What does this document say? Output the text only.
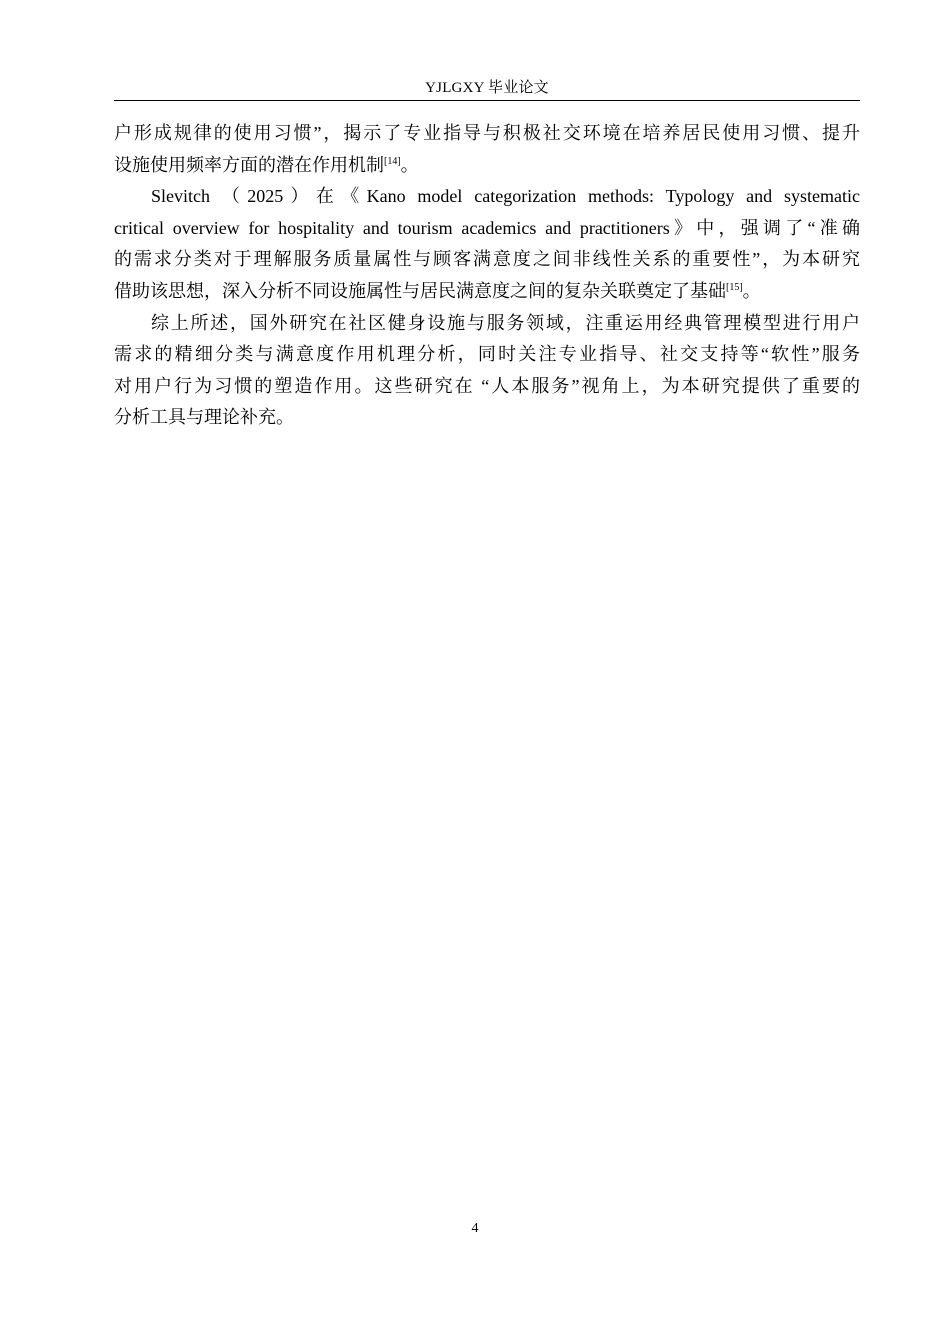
YJLGXY 毕业论文

户形成规律的使用习惯”，揭示了专业指导与积极社交环境在培养居民使用习惯、提升
设施使用频率方面的潜在作用机制[14]。

Slevitch （2025）在《Kano model categorization methods: Typology and systematic
critical overview for hospitality and tourism academics and practitioners》中，强调了“准确
的需求分类对于理解服务质量属性与顾客满意度之间非线性关系的重要性”，为本研究
借助该思想，深入分析不同设施属性与居民满意度之间的复杂关联奠定了基础[15]。

综上所述，国外研究在社区健身设施与服务领域，注重运用经典管理模型进行用户
需求的精细分类与满意度作用机理分析，同时关注专业指导、社交支持等“软性”服务
对用户行为习惯的塑造作用。这些研究在 “人本服务”视角上，为本研究提供了重要的
分析工具与理论补充。

4
